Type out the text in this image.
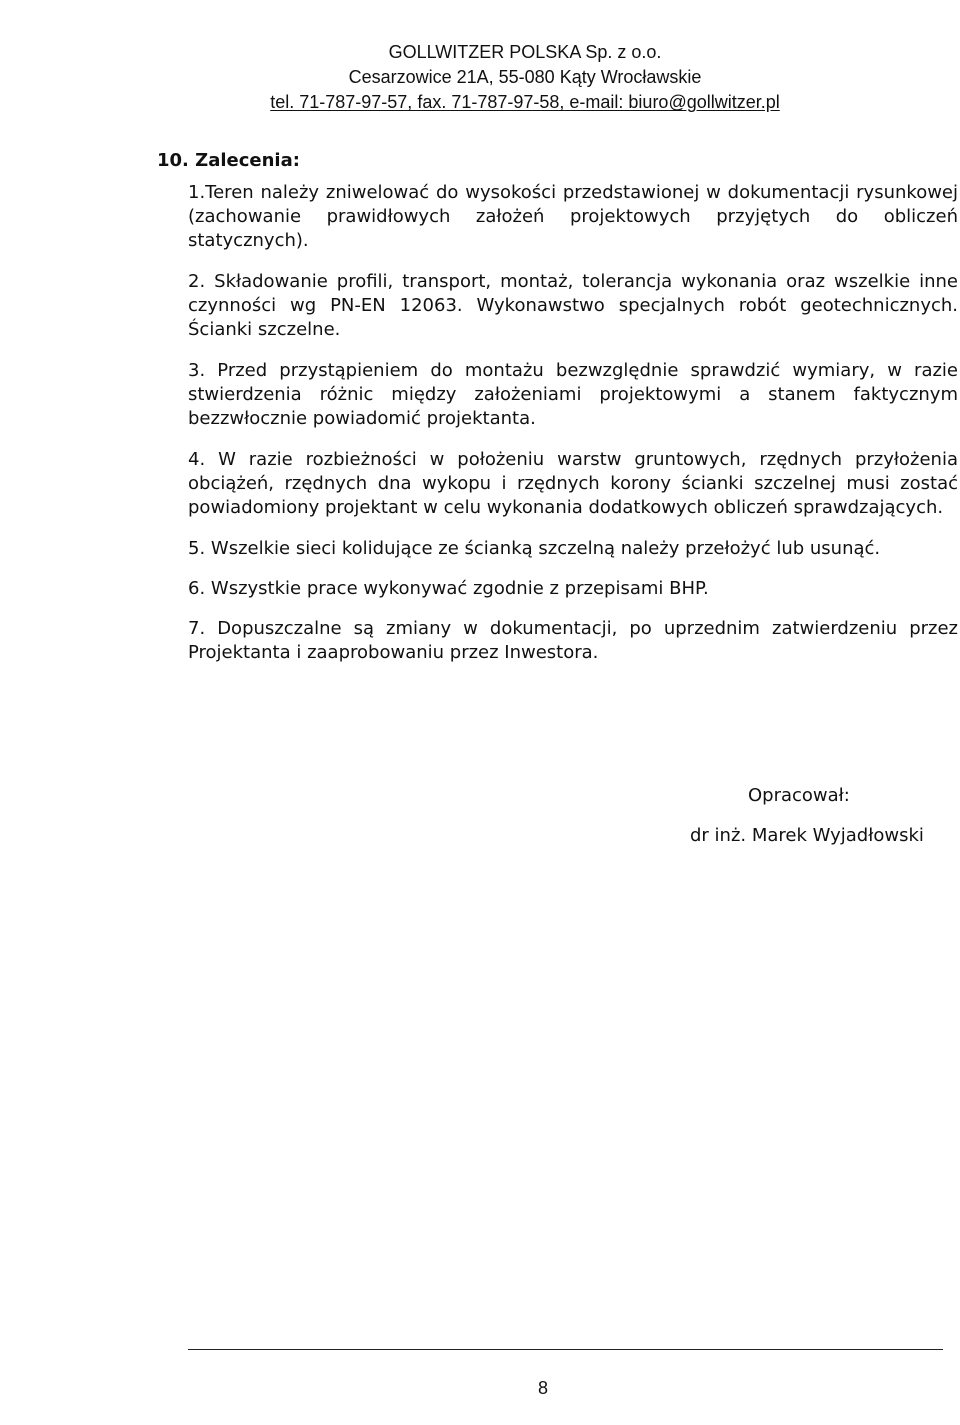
GOLLWITZER POLSKA Sp. z o.o.
Cesarzowice 21A, 55-080 Kąty Wrocławskie
tel. 71-787-97-57, fax. 71-787-97-58, e-mail: biuro@gollwitzer.pl
10. Zalecenia:

1.Teren należy zniwelować do wysokości przedstawionej w dokumentacji rysunkowej (zachowanie prawidłowych założeń projektowych przyjętych do obliczeń statycznych).

2. Składowanie profili, transport, montaż, tolerancja wykonania oraz wszelkie inne czynności wg PN-EN 12063. Wykonawstwo specjalnych robót geotechnicznych. Ścianki szczelne.

3. Przed przystąpieniem do montażu bezwzględnie sprawdzić wymiary, w razie stwierdzenia różnic między założeniami projektowymi a stanem faktycznym bezzwłocznie powiadomić projektanta.

4. W razie rozbieżności w położeniu warstw gruntowych, rzędnych przyłożenia obciążeń, rzędnych dna wykopu i rzędnych korony ścianki szczelnej musi zostać powiadomiony projektant w celu wykonania dodatkowych obliczeń sprawdzających.

5. Wszelkie sieci kolidujące ze ścianką szczelną należy przełożyć lub usunąć.

6. Wszystkie prace wykonywać zgodnie z przepisami BHP.

7. Dopuszczalne są zmiany w dokumentacji, po uprzednim zatwierdzeniu przez Projektanta i zaaprobowaniu przez Inwestora.

Opracował:
dr inż. Marek Wyjadłowski
8
